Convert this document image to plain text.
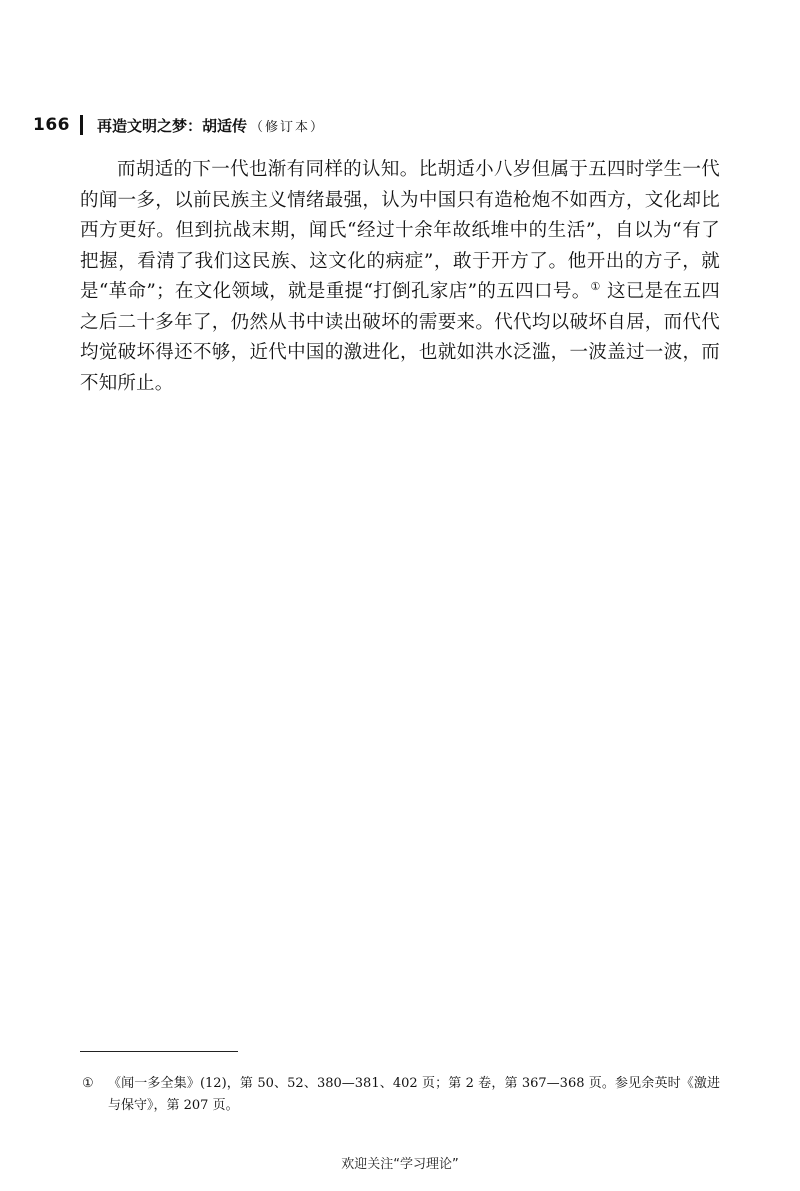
166 再造文明之梦：胡适传 （修订本）

而胡适的下一代也渐有同样的认知。比胡适小八岁但属于五四时学生一代的闻一多，以前民族主义情绪最强，认为中国只有造枪炮不如西方，文化却比西方更好。但到抗战末期，闻氏“经过十余年故纸堆中的生活”，自以为“有了把握，看清了我们这民族、这文化的病症”，敢于开方了。他开出的方子，就是“革命”；在文化领域，就是重提“打倒孔家店”的五四口号。① 这已是在五四之后二十多年了，仍然从书中读出破坏的需要来。代代均以破坏自居，而代代均觉破坏得还不够，近代中国的激进化，也就如洪水泛滥，一波盖过一波，而不知所止。

① 《闻一多全集》(12)，第 50、52、380—381、402 页；第 2 卷，第 367—368 页。参见余英时《激进与保守》，第 207 页。

欢迎关注“学习理论”
